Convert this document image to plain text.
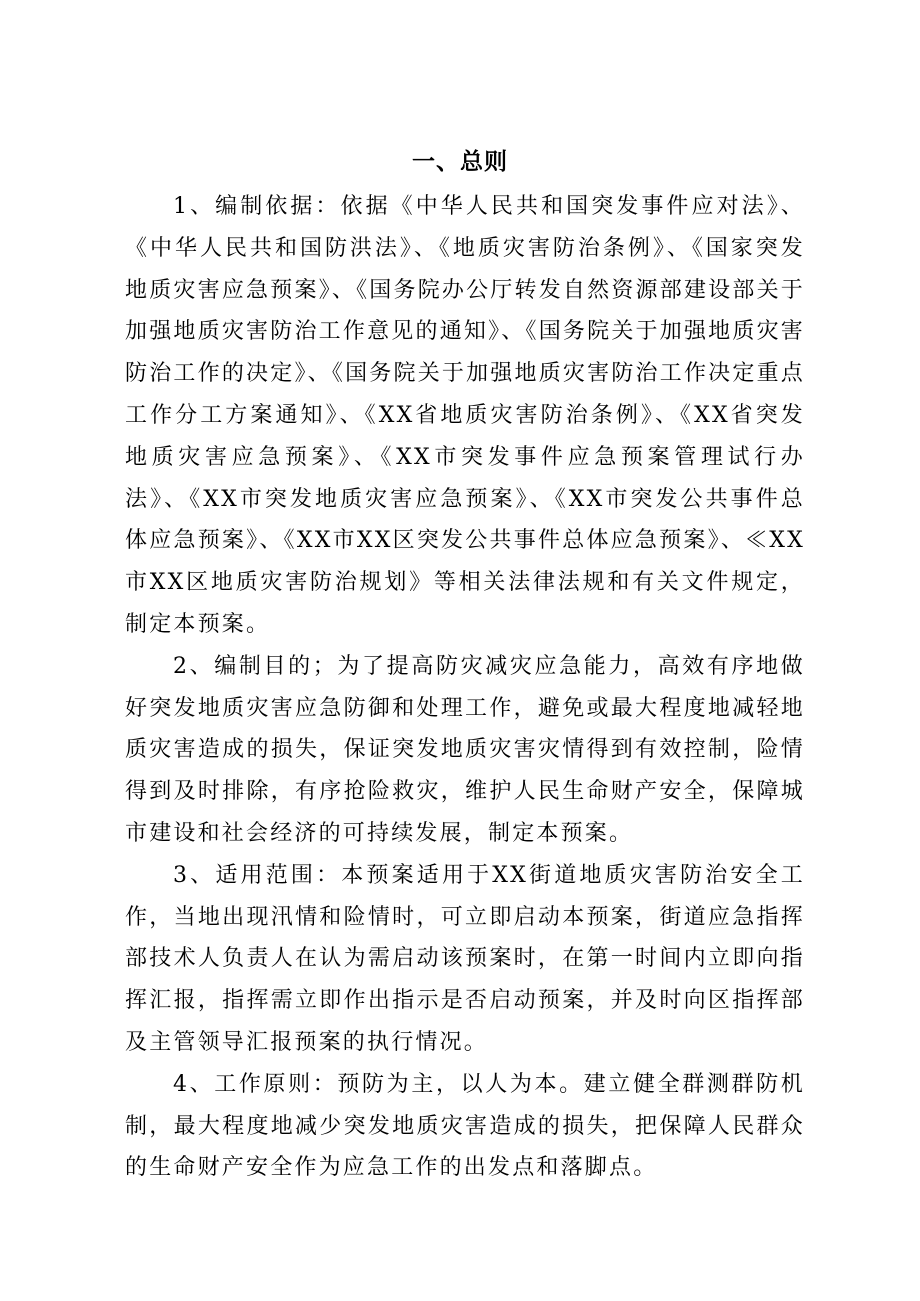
一、总则

1、编制依据：依据《中华人民共和国突发事件应对法》、《中华人民共和国防洪法》、《地质灾害防治条例》、《国家突发地质灾害应急预案》、《国务院办公厅转发自然资源部建设部关于加强地质灾害防治工作意见的通知》、《国务院关于加强地质灾害防治工作的决定》、《国务院关于加强地质灾害防治工作决定重点工作分工方案通知》、《XX省地质灾害防治条例》、《XX省突发地质灾害应急预案》、《XX市突发事件应急预案管理试行办法》、《XX市突发地质灾害应急预案》、《XX市突发公共事件总体应急预案》、《XX市XX区突发公共事件总体应急预案》、≪XX市XX区地质灾害防治规划》等相关法律法规和有关文件规定，制定本预案。

2、编制目的；为了提高防灾减灾应急能力，高效有序地做好突发地质灾害应急防御和处理工作，避免或最大程度地减轻地质灾害造成的损失，保证突发地质灾害灾情得到有效控制，险情得到及时排除，有序抢险救灾，维护人民生命财产安全，保障城市建设和社会经济的可持续发展，制定本预案。

3、适用范围：本预案适用于XX街道地质灾害防治安全工作，当地出现汛情和险情时，可立即启动本预案，街道应急指挥部技术人负责人在认为需启动该预案时，在第一时间内立即向指挥汇报，指挥需立即作出指示是否启动预案，并及时向区指挥部及主管领导汇报预案的执行情况。

4、工作原则：预防为主，以人为本。建立健全群测群防机制，最大程度地减少突发地质灾害造成的损失，把保障人民群众的生命财产安全作为应急工作的出发点和落脚点。
